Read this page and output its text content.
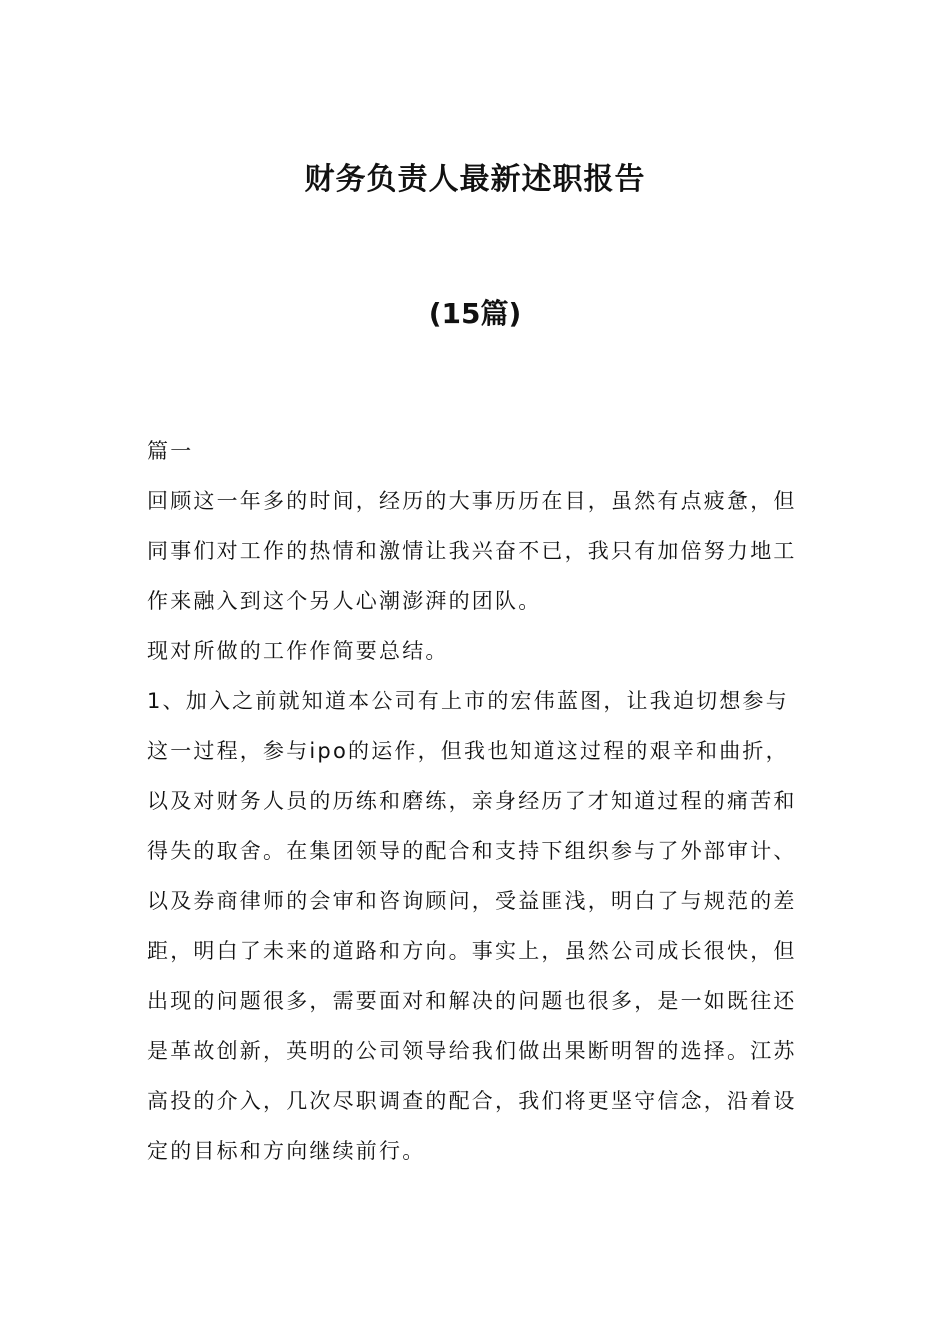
财务负责人最新述职报告
(15篇)

篇一

回顾这一年多的时间，经历的大事历历在目，虽然有点疲惫，但同事们对工作的热情和激情让我兴奋不已，我只有加倍努力地工作来融入到这个另人心潮澎湃的团队。

现对所做的工作作简要总结。

1、加入之前就知道本公司有上市的宏伟蓝图，让我迫切想参与这一过程，参与ipo的运作，但我也知道这过程的艰辛和曲折，以及对财务人员的历练和磨练，亲身经历了才知道过程的痛苦和得失的取舍。在集团领导的配合和支持下组织参与了外部审计、以及券商律师的会审和咨询顾问，受益匪浅，明白了与规范的差距，明白了未来的道路和方向。事实上，虽然公司成长很快，但出现的问题很多，需要面对和解决的问题也很多，是一如既往还是革故创新，英明的公司领导给我们做出果断明智的选择。江苏高投的介入，几次尽职调查的配合，我们将更坚守信念，沿着设定的目标和方向继续前行。
